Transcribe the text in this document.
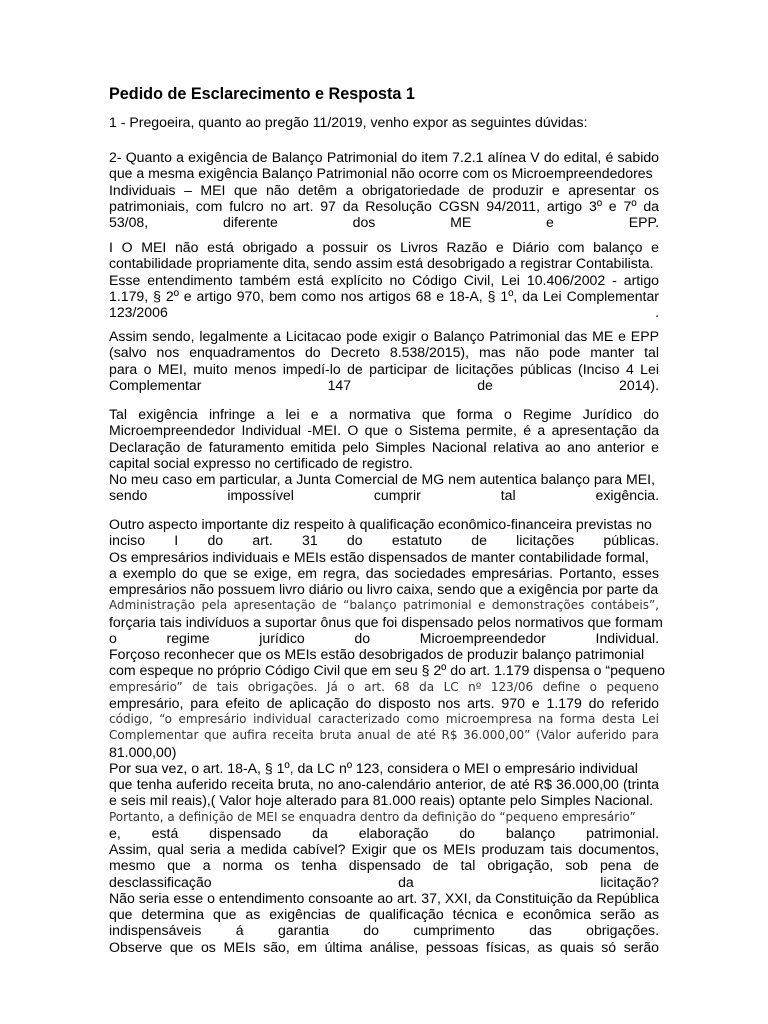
Pedido de Esclarecimento e Resposta 1
1 - Pregoeira, quanto ao pregão 11/2019, venho expor as seguintes dúvidas:
2- Quanto a exigência de Balanço Patrimonial do item 7.2.1 alínea V do edital, é sabido
que a mesma exigência Balanço Patrimonial não ocorre com os Microempreendedores
Individuais – MEI que não detêm a obrigatoriedade de produzir e apresentar os
patrimoniais, com fulcro no art. 97 da Resolução CGSN 94/2011, artigo 3º e 7º da
53/08, diferente dos ME e EPP.
I O MEI não está obrigado a possuir os Livros Razão e Diário com balanço e
contabilidade propriamente dita, sendo assim está desobrigado a registrar Contabilista.
Esse entendimento também está explícito no Código Civil, Lei 10.406/2002 - artigo
1.179, § 2º e artigo 970, bem como nos artigos 68 e 18-A, § 1º, da Lei Complementar
123/2006 .
Assim sendo, legalmente a Licitacao pode exigir o Balanço Patrimonial das ME e EPP
(salvo nos enquadramentos do Decreto 8.538/2015), mas não pode manter tal
para o MEI, muito menos impedí-lo de participar de licitações públicas (Inciso 4 Lei
Complementar 147 de 2014).
Tal exigência infringe a lei e a normativa que forma o Regime Jurídico do
Microempreendedor Individual -MEI. O que o Sistema permite, é a apresentação da
Declaração de faturamento emitida pelo Simples Nacional relativa ao ano anterior e
capital social expresso no certificado de registro.
No meu caso em particular, a Junta Comercial de MG nem autentica balanço para MEI,
sendo impossível cumprir tal exigência.
Outro aspecto importante diz respeito à qualificação econômico-financeira previstas no
inciso I do art. 31 do estatuto de licitações públicas.
Os empresários individuais e MEIs estão dispensados de manter contabilidade formal,
a exemplo do que se exige, em regra, das sociedades empresárias. Portanto, esses
empresários não possuem livro diário ou livro caixa, sendo que a exigência por parte da
Administração pela apresentação de “balanço patrimonial e demonstrações contábeis”,
forçaria tais indivíduos a suportar ônus que foi dispensado pelos normativos que formam
o regime jurídico do Microempreendedor Individual.
Forçoso reconhecer que os MEIs estão desobrigados de produzir balanço patrimonial
com espeque no próprio Código Civil que em seu § 2º do art. 1.179 dispensa o “pequeno
empresário” de tais obrigações. Já o art. 68 da LC nº 123/06 define o pequeno
empresário, para efeito de aplicação do disposto nos arts. 970 e 1.179 do referido
código, “o empresário individual caracterizado como microempresa na forma desta Lei
Complementar que aufira receita bruta anual de até R$ 36.000,00” (Valor auferido para
81.000,00)
Por sua vez, o art. 18-A, § 1º, da LC nº 123, considera o MEI o empresário individual
que tenha auferido receita bruta, no ano-calendário anterior, de até R$ 36.000,00 (trinta
e seis mil reais),( Valor hoje alterado para 81.000 reais) optante pelo Simples Nacional.
Portanto, a definição de MEI se enquadra dentro da definição do “pequeno empresário”
e, está dispensado da elaboração do balanço patrimonial.
Assim, qual seria a medida cabível? Exigir que os MEIs produzam tais documentos,
mesmo que a norma os tenha dispensado de tal obrigação, sob pena de
desclassificação da licitação?
Não seria esse o entendimento consoante ao art. 37, XXI, da Constituição da República
que determina que as exigências de qualificação técnica e econômica serão as
indispensáveis á garantia do cumprimento das obrigações.
Observe que os MEIs são, em última análise, pessoas físicas, as quais só serão
